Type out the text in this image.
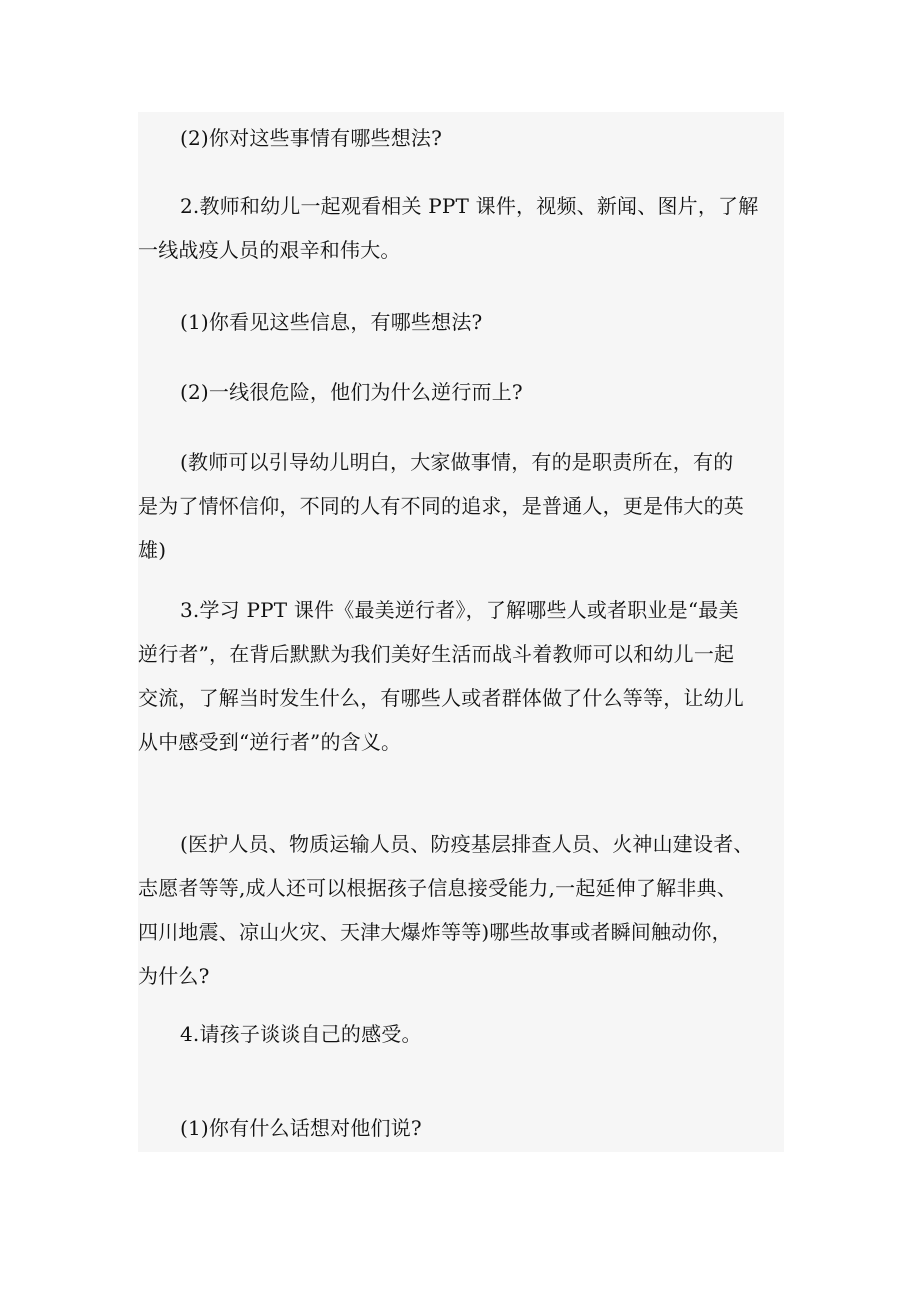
(2)你对这些事情有哪些想法?

2.教师和幼儿一起观看相关 PPT 课件，视频、新闻、图片，了解
一线战疫人员的艰辛和伟大。

(1)你看见这些信息，有哪些想法?

(2)一线很危险，他们为什么逆行而上?

(教师可以引导幼儿明白，大家做事情，有的是职责所在，有的
是为了情怀信仰，不同的人有不同的追求，是普通人，更是伟大的英
雄)

3.学习 PPT 课件《最美逆行者》，了解哪些人或者职业是“最美
逆行者”，在背后默默为我们美好生活而战斗着教师可以和幼儿一起
交流，了解当时发生什么，有哪些人或者群体做了什么等等，让幼儿
从中感受到“逆行者”的含义。

(医护人员、物质运输人员、防疫基层排查人员、火神山建设者、
志愿者等等,成人还可以根据孩子信息接受能力,一起延伸了解非典、
四川地震、凉山火灾、天津大爆炸等等)哪些故事或者瞬间触动你，
为什么?

4.请孩子谈谈自己的感受。

(1)你有什么话想对他们说?
